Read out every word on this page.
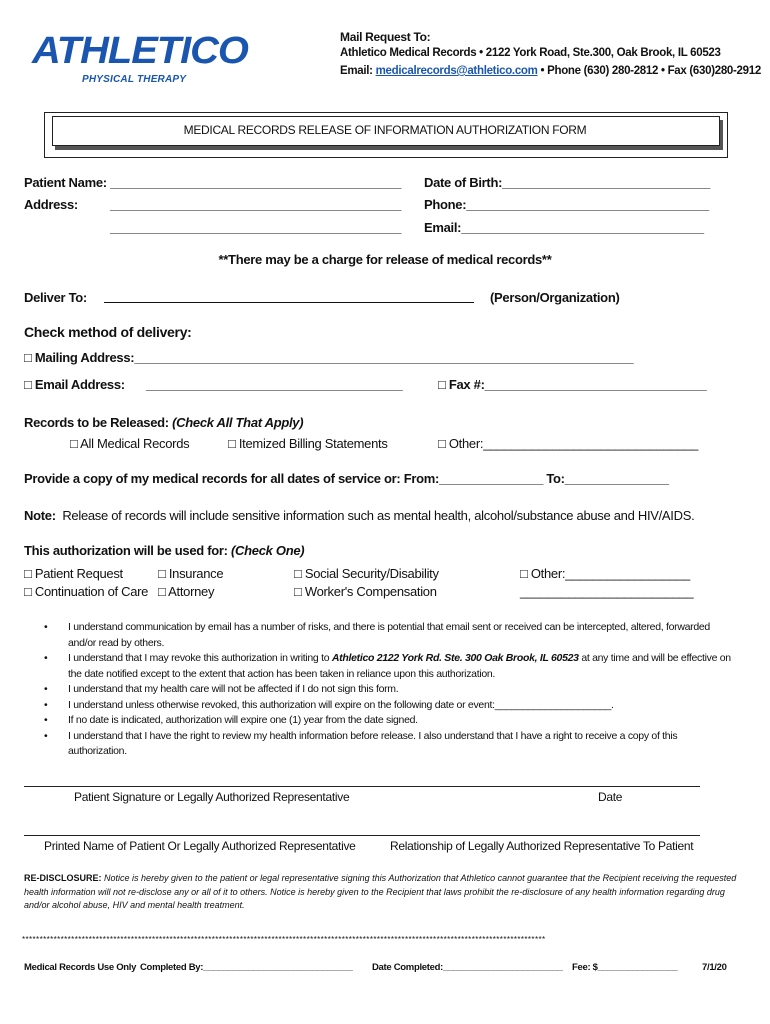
ATHLETICO
PHYSICAL THERAPY
Mail Request To:
Athletico Medical Records • 2122 York Road, Ste.300, Oak Brook, IL 60523
Email: medicalrecords@athletico.com • Phone (630) 280-2812 • Fax (630)280-2912
MEDICAL RECORDS RELEASE OF INFORMATION AUTHORIZATION FORM
Patient Name: __________________________________________ Date of Birth:______________________________
Address: __________________________________________ Phone:___________________________________
__________________________________________ Email:___________________________________
**There may be a charge for release of medical records**
Deliver To:	(Person/Organization)
Check method of delivery:
□ Mailing Address:________________________________________________________________________
□ Email Address: _____________________________________	□ Fax #:________________________________
Records to be Released: (Check All That Apply)
□ All Medical Records	□ Itemized Billing Statements	□ Other:_______________________________
Provide a copy of my medical records for all dates of service or: From:_______________ To:_______________
Note: Release of records will include sensitive information such as mental health, alcohol/substance abuse and HIV/AIDS.
This authorization will be used for: (Check One)
□ Patient Request	□ Insurance	□ Social Security/Disability	□ Other:__________________
□ Continuation of Care □ Attorney	□ Worker's Compensation	_________________________
• I understand communication by email has a number of risks, and there is potential that email sent or received can be intercepted, altered, forwarded and/or read by others.
• I understand that I may revoke this authorization in writing to Athletico 2122 York Rd. Ste. 300 Oak Brook, IL 60523 at any time and will be effective on the date notified except to the extent that action has been taken in reliance upon this authorization.
• I understand that my health care will not be affected if I do not sign this form.
• I understand unless otherwise revoked, this authorization will expire on the following date or event:_____________________.
• If no date is indicated, authorization will expire one (1) year from the date signed.
• I understand that I have the right to review my health information before release. I also understand that I have a right to receive a copy of this authorization.
Patient Signature or Legally Authorized Representative	Date
Printed Name of Patient Or Legally Authorized Representative	Relationship of Legally Authorized Representative To Patient
RE-DISCLOSURE: Notice is hereby given to the patient or legal representative signing this Authorization that Athletico cannot guarantee that the Recipient receiving the requested health information will not re-disclose any or all of it to others. Notice is hereby given to the Recipient that laws prohibit the re-disclosure of any health information regarding drug and/or alcohol abuse, HIV and mental health treatment.
*****************************************************************************************************************************************************
Medical Records Use Only Completed By:______________________________ Date Completed:________________________ Fee: $________________	7/1/20
